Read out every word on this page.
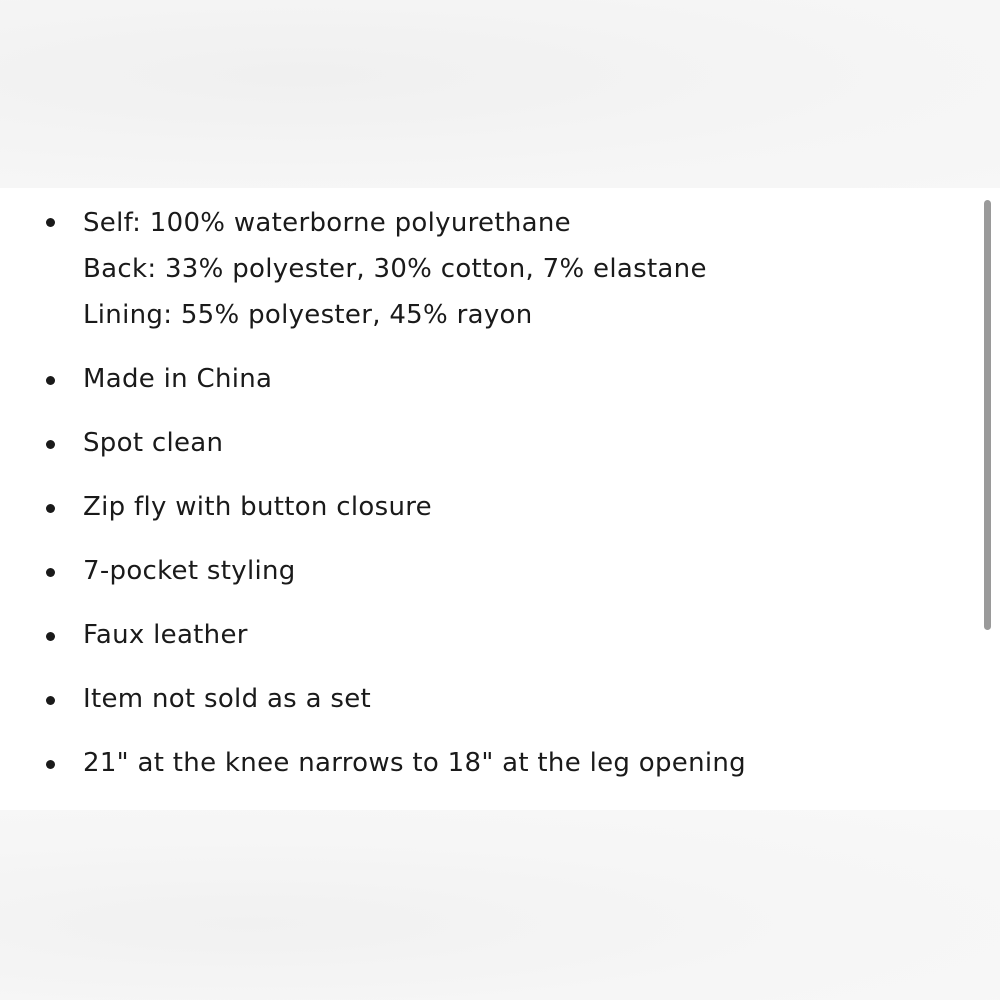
Self: 100% waterborne polyurethane
Back: 33% polyester, 30% cotton, 7% elastane
Lining: 55% polyester, 45% rayon
Made in China
Spot clean
Zip fly with button closure
7-pocket styling
Faux leather
Item not sold as a set
21" at the knee narrows to 18" at the leg opening
